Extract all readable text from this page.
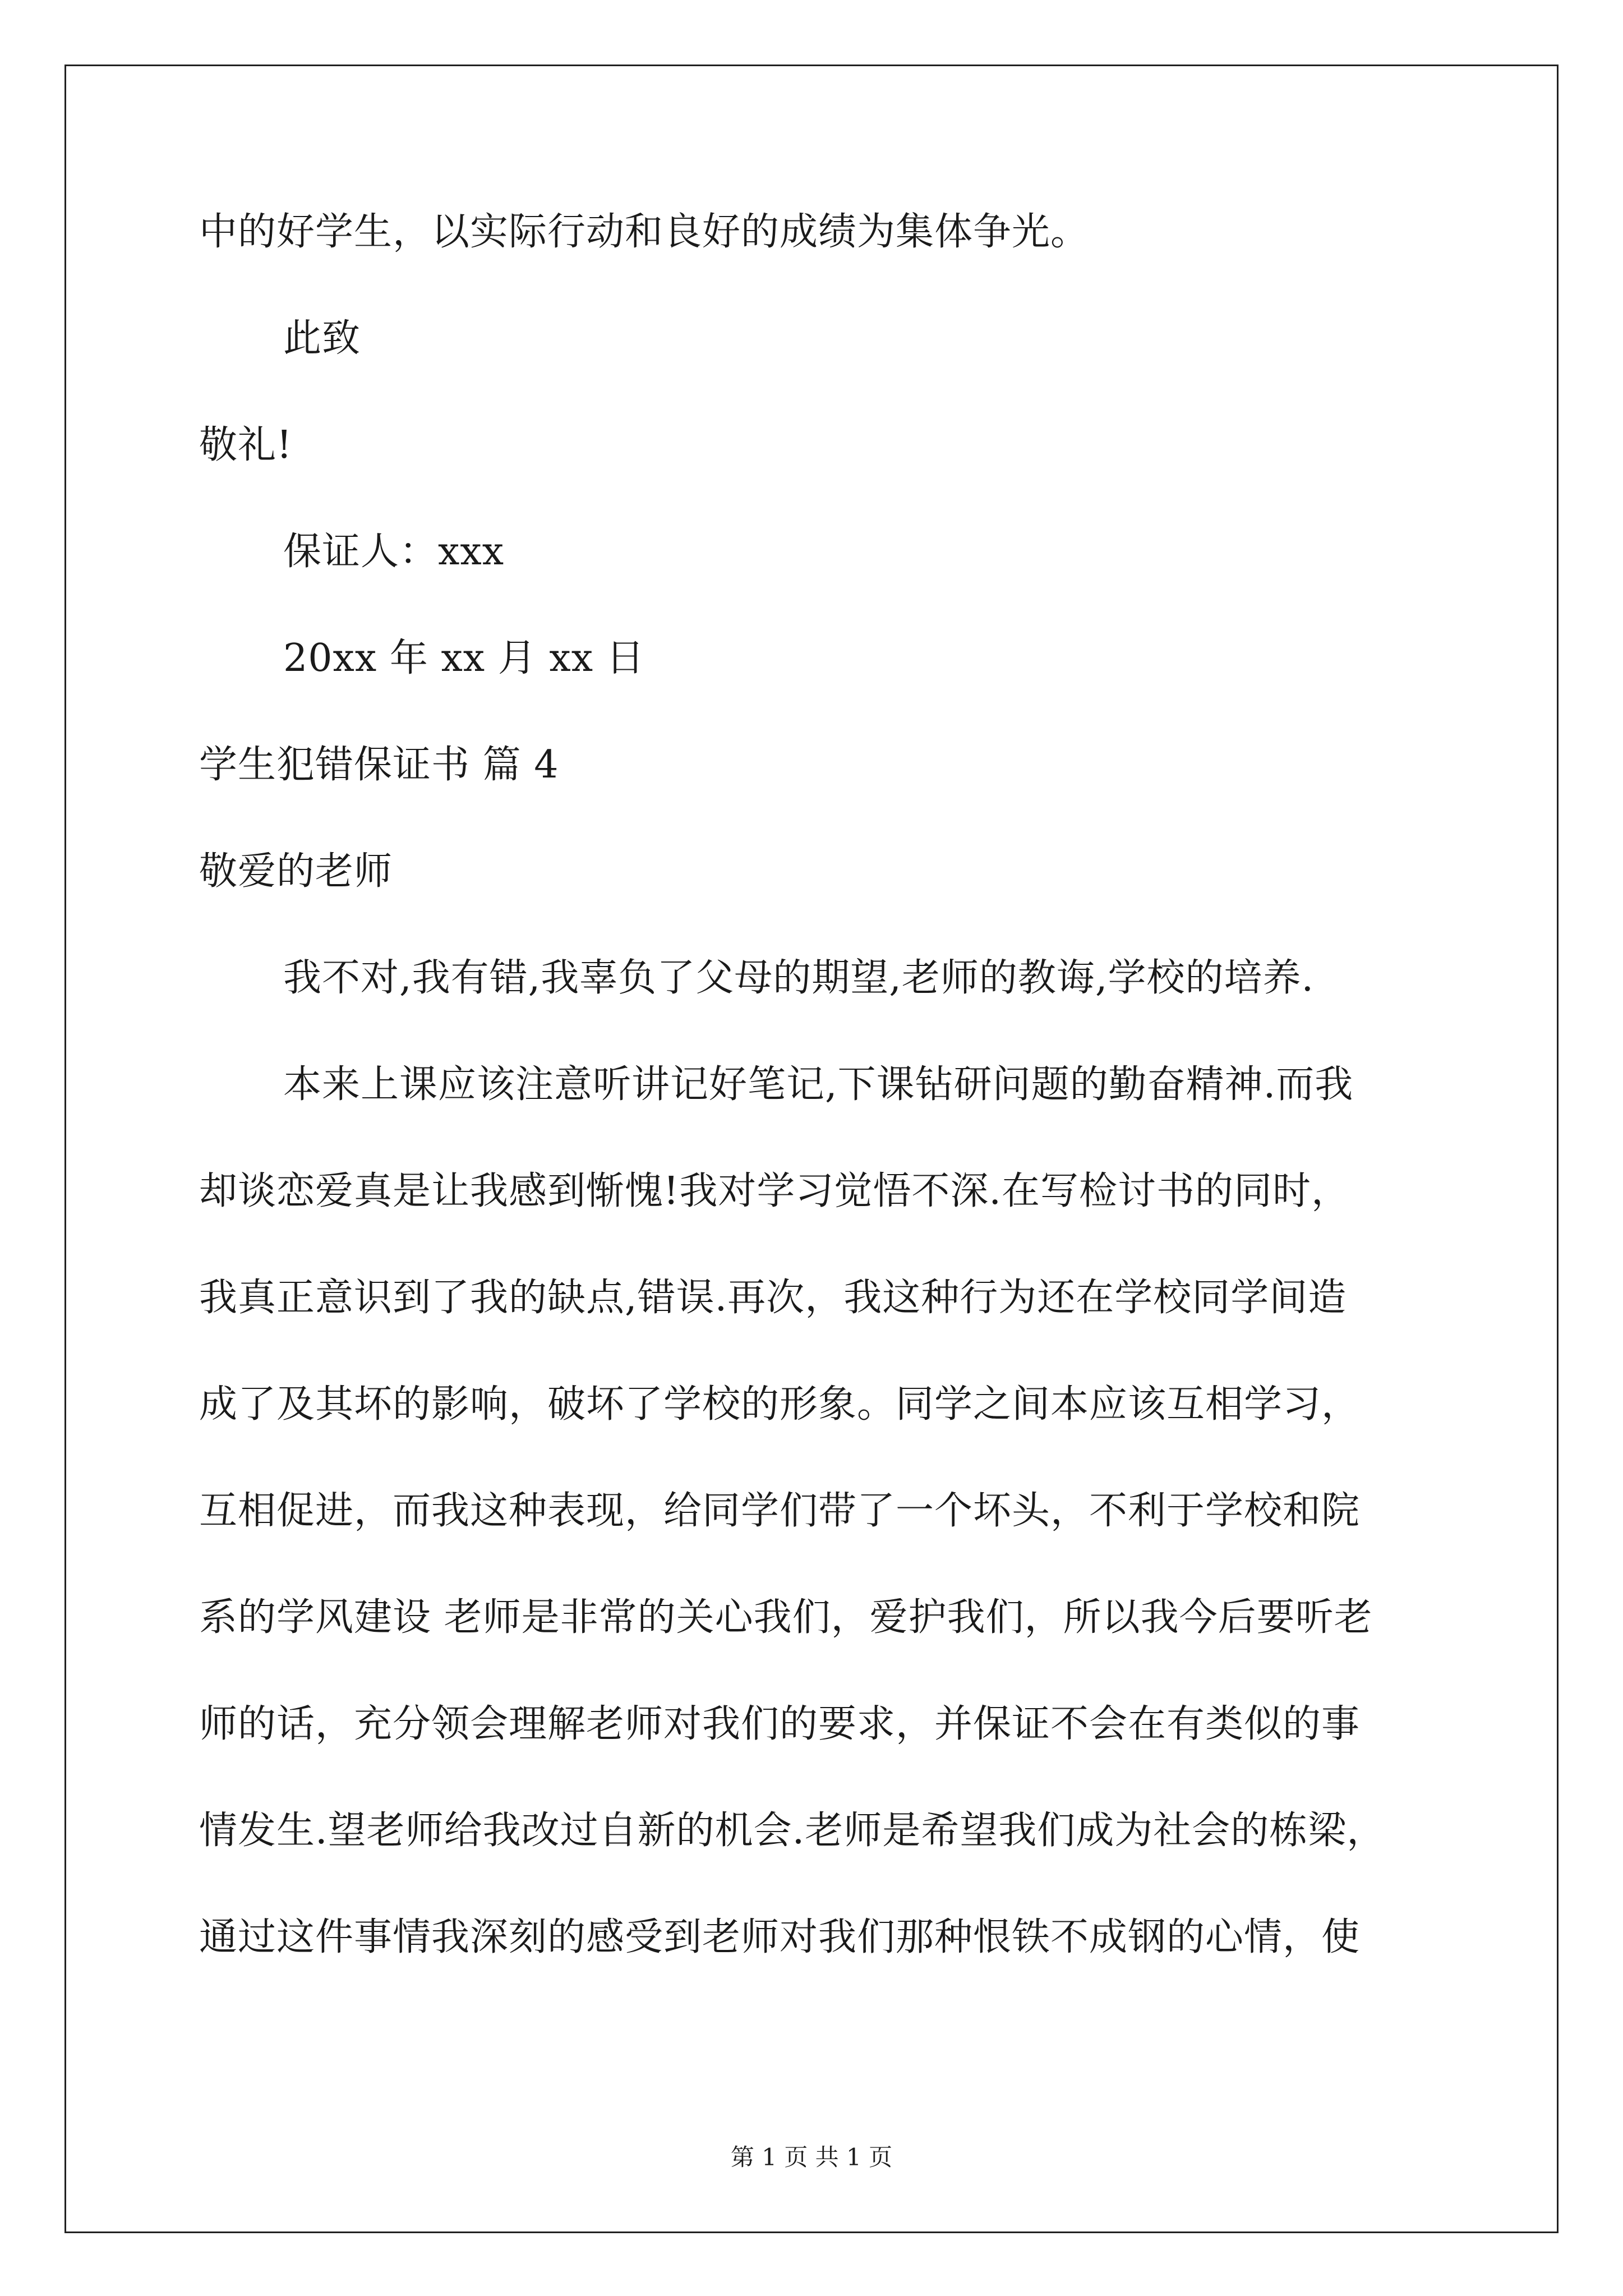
中的好学生，以实际行动和良好的成绩为集体争光。
此致
敬礼!
保证人：xxx
20xx 年 xx 月 xx 日
学生犯错保证书 篇 4
敬爱的老师
我不对,我有错,我辜负了父母的期望,老师的教诲,学校的培养.
本来上课应该注意听讲记好笔记,下课钻研问题的勤奋精神.而我
却谈恋爱真是让我感到惭愧!我对学习觉悟不深.在写检讨书的同时，
我真正意识到了我的缺点,错误.再次，我这种行为还在学校同学间造
成了及其坏的影响，破坏了学校的形象。同学之间本应该互相学习，
互相促进，而我这种表现，给同学们带了一个坏头，不利于学校和院
系的学风建设 老师是非常的关心我们，爱护我们，所以我今后要听老
师的话，充分领会理解老师对我们的要求，并保证不会在有类似的事
情发生.望老师给我改过自新的机会.老师是希望我们成为社会的栋梁，
通过这件事情我深刻的感受到老师对我们那种恨铁不成钢的心情，使
第 1 页 共 1 页
